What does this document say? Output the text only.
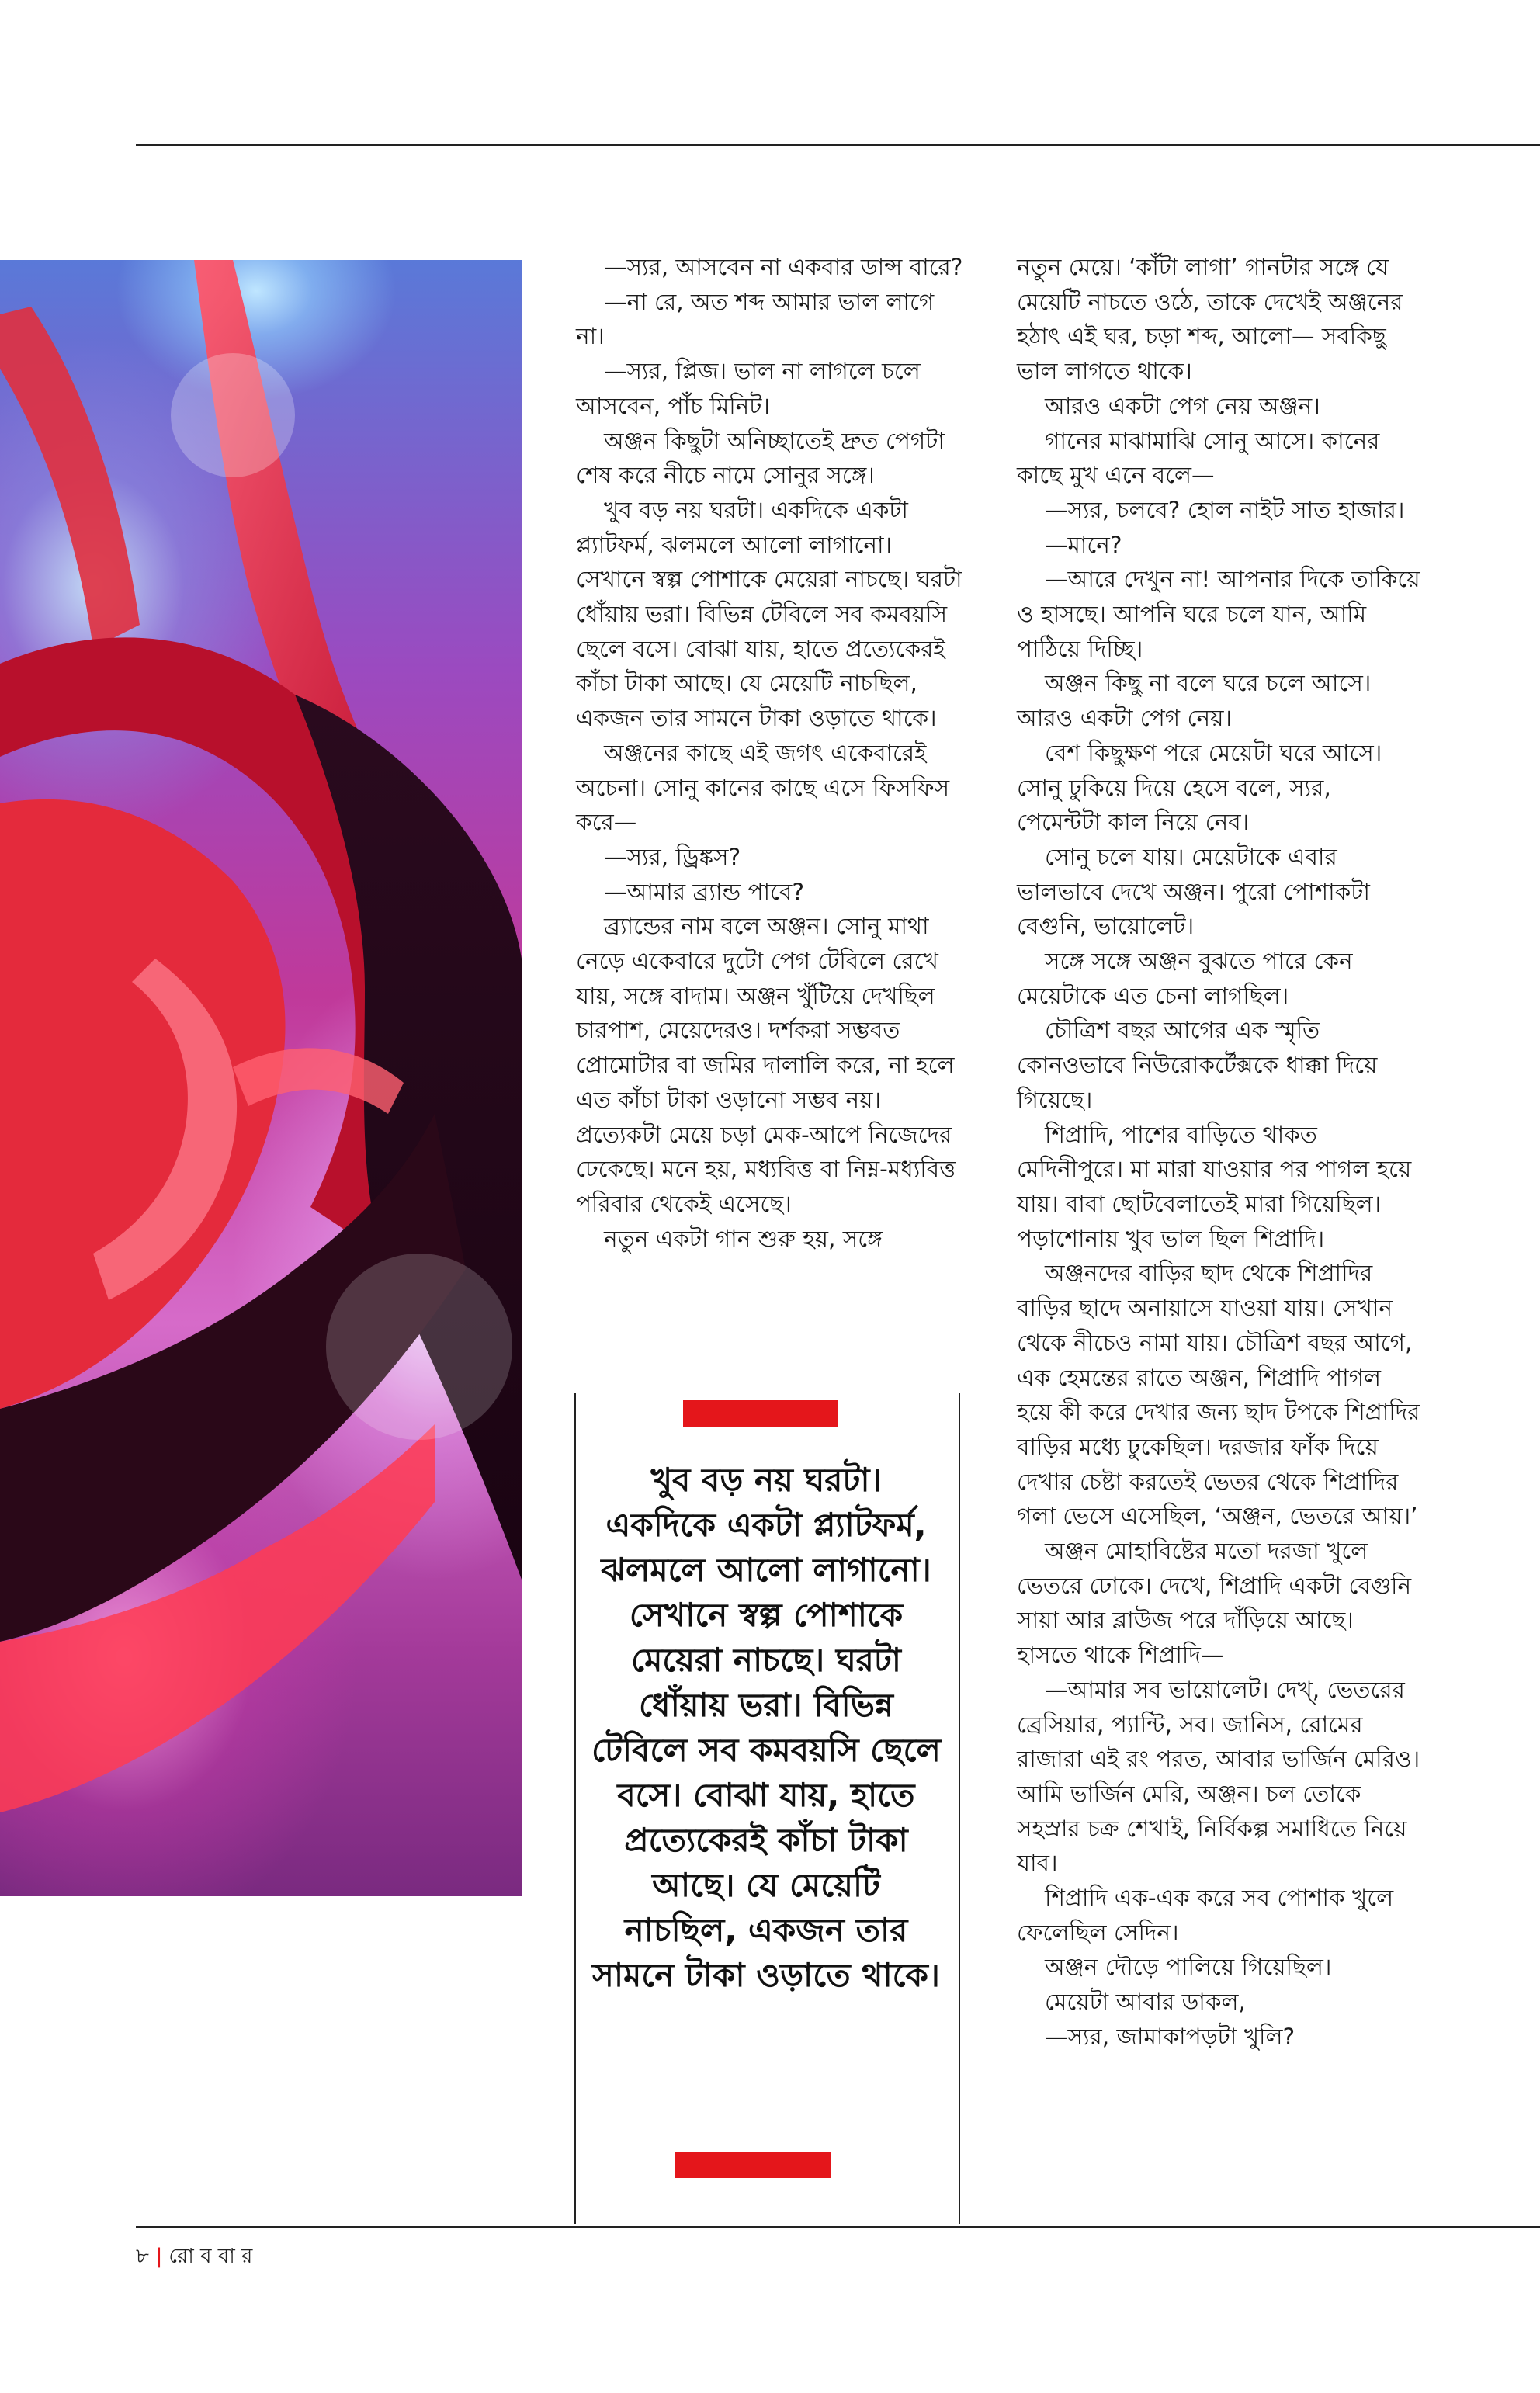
—স্যর, আসবেন না একবার ডান্স বারে?

—না রে, অত শব্দ আমার ভাল লাগে না।

—স্যর, প্লিজ। ভাল না লাগলে চলে আসবেন, পাঁচ মিনিট।

অঞ্জন কিছুটা অনিচ্ছাতেই দ্রুত পেগটা শেষ করে নীচে নামে সোনুর সঙ্গে।

খুব বড় নয় ঘরটা। একদিকে একটা প্ল্যাটফর্ম, ঝলমলে আলো লাগানো। সেখানে স্বল্প পোশাকে মেয়েরা নাচছে। ঘরটা ধোঁয়ায় ভরা। বিভিন্ন টেবিলে সব কমবয়সি ছেলে বসে। বোঝা যায়, হাতে প্রত্যেকেরই কাঁচা টাকা আছে। যে মেয়েটি নাচছিল, একজন তার সামনে টাকা ওড়াতে থাকে।

অঞ্জনের কাছে এই জগৎ একেবারেই অচেনা। সোনু কানের কাছে এসে ফিসফিস করে—

—স্যর, ড্রিঙ্কস?

—আমার ব্র্যান্ড পাবে?

ব্র্যান্ডের নাম বলে অঞ্জন। সোনু মাথা নেড়ে একেবারে দুটো পেগ টেবিলে রেখে যায়, সঙ্গে বাদাম। অঞ্জন খুঁটিয়ে দেখছিল চারপাশ, মেয়েদেরও। দর্শকরা সম্ভবত প্রোমোটার বা জমির দালালি করে, না হলে এত কাঁচা টাকা ওড়ানো সম্ভব নয়। প্রত্যেকটা মেয়ে চড়া মেক-আপে নিজেদের ঢেকেছে। মনে হয়, মধ্যবিত্ত বা নিম্ন-মধ্যবিত্ত পরিবার থেকেই এসেছে।

নতুন একটা গান শুরু হয়, সঙ্গে

খুব বড় নয় ঘরটা। একদিকে একটা প্ল্যাটফর্ম, ঝলমলে আলো লাগানো। সেখানে স্বল্প পোশাকে মেয়েরা নাচছে। ঘরটা ধোঁয়ায় ভরা। বিভিন্ন টেবিলে সব কমবয়সি ছেলে বসে। বোঝা যায়, হাতে প্রত্যেকেরই কাঁচা টাকা আছে। যে মেয়েটি নাচছিল, একজন তার সামনে টাকা ওড়াতে থাকে।

নতুন মেয়ে। ‘কাঁটা লাগা’ গানটার সঙ্গে যে মেয়েটি নাচতে ওঠে, তাকে দেখেই অঞ্জনের হঠাৎ এই ঘর, চড়া শব্দ, আলো— সবকিছু ভাল লাগতে থাকে।

আরও একটা পেগ নেয় অঞ্জন।

গানের মাঝামাঝি সোনু আসে। কানের কাছে মুখ এনে বলে—

—স্যর, চলবে? হোল নাইট সাত হাজার।

—মানে?

—আরে দেখুন না! আপনার দিকে তাকিয়ে ও হাসছে। আপনি ঘরে চলে যান, আমি পাঠিয়ে দিচ্ছি।

অঞ্জন কিছু না বলে ঘরে চলে আসে। আরও একটা পেগ নেয়।

বেশ কিছুক্ষণ পরে মেয়েটা ঘরে আসে। সোনু ঢুকিয়ে দিয়ে হেসে বলে, স্যর, পেমেন্টটা কাল নিয়ে নেব।

সোনু চলে যায়। মেয়েটাকে এবার ভালভাবে দেখে অঞ্জন। পুরো পোশাকটা বেগুনি, ভায়োলেট।

সঙ্গে সঙ্গে অঞ্জন বুঝতে পারে কেন মেয়েটাকে এত চেনা লাগছিল।

চৌত্রিশ বছর আগের এক স্মৃতি কোনওভাবে নিউরোকর্টেক্সকে ধাক্কা দিয়ে গিয়েছে।

শিপ্রাদি, পাশের বাড়িতে থাকত মেদিনীপুরে। মা মারা যাওয়ার পর পাগল হয়ে যায়। বাবা ছোটবেলাতেই মারা গিয়েছিল। পড়াশোনায় খুব ভাল ছিল শিপ্রাদি।

অঞ্জনদের বাড়ির ছাদ থেকে শিপ্রাদির বাড়ির ছাদে অনায়াসে যাওয়া যায়। সেখান থেকে নীচেও নামা যায়। চৌত্রিশ বছর আগে, এক হেমন্তের রাতে অঞ্জন, শিপ্রাদি পাগল হয়ে কী করে দেখার জন্য ছাদ টপকে শিপ্রাদির বাড়ির মধ্যে ঢুকেছিল। দরজার ফাঁক দিয়ে দেখার চেষ্টা করতেই ভেতর থেকে শিপ্রাদির গলা ভেসে এসেছিল, ‘অঞ্জন, ভেতরে আয়।’

অঞ্জন মোহাবিষ্টের মতো দরজা খুলে ভেতরে ঢোকে। দেখে, শিপ্রাদি একটা বেগুনি সায়া আর ব্লাউজ পরে দাঁড়িয়ে আছে। হাসতে থাকে শিপ্রাদি—

—আমার সব ভায়োলেট। দেখ্, ভেতরের ব্রেসিয়ার, প্যান্টি, সব। জানিস, রোমের রাজারা এই রং পরত, আবার ভার্জিন মেরিও। আমি ভার্জিন মেরি, অঞ্জন। চল তোকে সহস্রার চক্র শেখাই, নির্বিকল্প সমাধিতে নিয়ে যাব।

শিপ্রাদি এক-এক করে সব পোশাক খুলে ফেলেছিল সেদিন।

অঞ্জন দৌড়ে পালিয়ে গিয়েছিল।

মেয়েটা আবার ডাকল,

—স্যর, জামাকাপড়টা খুলি?

৮ | রো ব বা র
